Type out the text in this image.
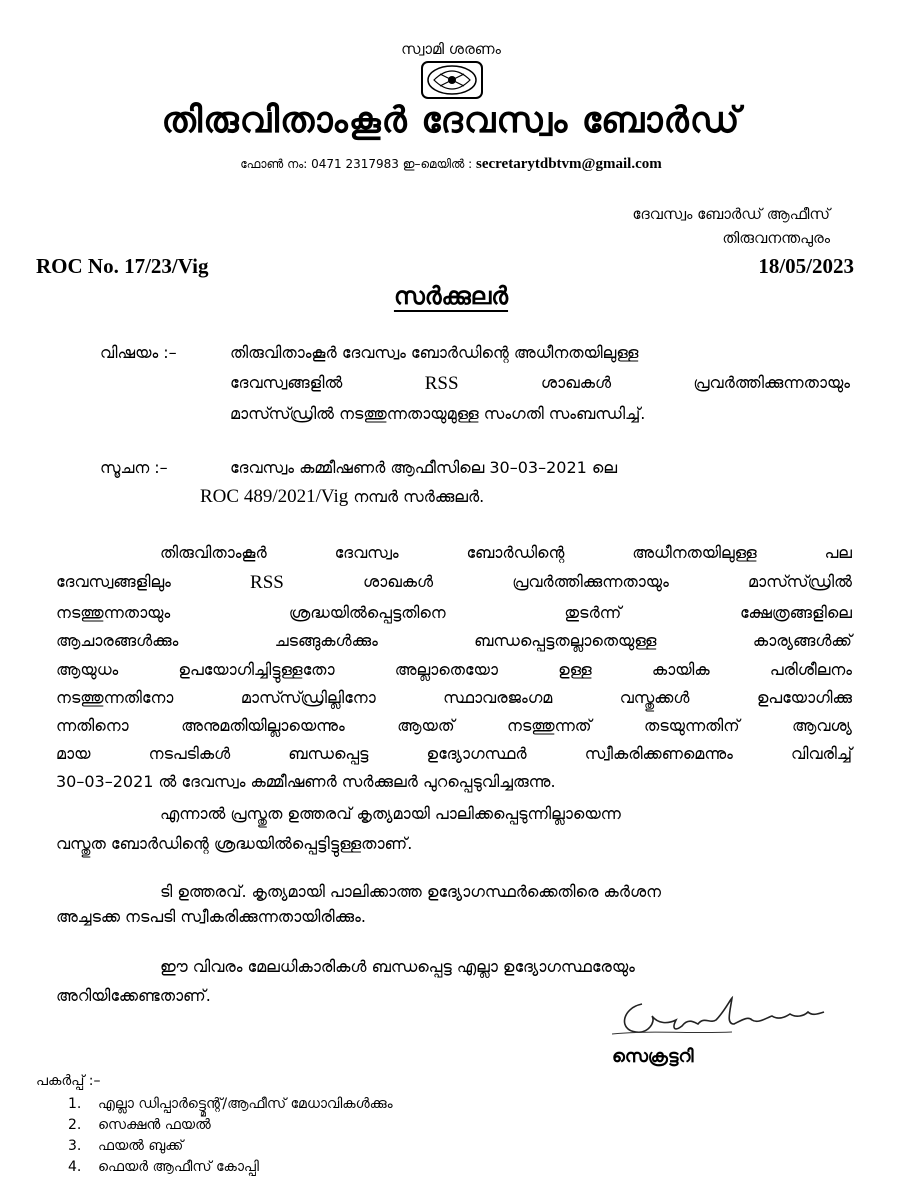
സ്വാമി ശരണം
തിരുവിതാംകൂർ ദേവസ്വം ബോർഡ്
ഫോൺ നം: 0471 2317983 ഇ–മെയിൽ : secretarytdbtvm@gmail.com
ദേവസ്വം ബോർഡ് ആഫീസ്
തിരുവനന്തപുരം
ROC No. 17/23/Vig	18/05/2023
സർക്കുലർ
വിഷയം :–	തിരുവിതാംകൂർ ദേവസ്വം ബോർഡിന്റെ അധീനതയിലുള്ള
ദേവസ്വങ്ങളിൽ	RSS	ശാഖകൾ	പ്രവർത്തിക്കുന്നതായും
മാസ്സ്ഡ്രിൽ നടത്തുന്നതായുമുള്ള സംഗതി സംബന്ധിച്ച്.
സൂചന :–	ദേവസ്വം കമ്മീഷണർ ആഫീസിലെ 30–03–2021 ലെ
ROC 489/2021/Vig നമ്പർ സർക്കുലർ.
തിരുവിതാംകൂർ	ദേവസ്വം	ബോർഡിന്റെ	അധീനതയിലുള്ള	പല
ദേവസ്വങ്ങളിലും	RSS	ശാഖകൾ	പ്രവർത്തിക്കുന്നതായും	മാസ്സ്ഡ്രിൽ
നടത്തുന്നതായും	ശ്രദ്ധയിൽപ്പെട്ടതിനെ	തുടർന്ന്	ക്ഷേത്രങ്ങളിലെ
ആചാരങ്ങൾക്കും	ചടങ്ങുകൾക്കും	ബന്ധപ്പെട്ടതല്ലാതെയുള്ള	കാര്യങ്ങൾക്ക്
ആയുധം	ഉപയോഗിച്ചിട്ടുള്ളതോ	അല്ലാതെയോ	ഉള്ള	കായിക	പരിശീലനം
നടത്തുന്നതിനോ	മാസ്സ്ഡ്രില്ലിനോ	സ്ഥാവരജംഗമ	വസ്തുക്കൾ	ഉപയോഗിക്കു
ന്നതിനൊ	അനുമതിയില്ലായെന്നും	ആയത്	നടത്തുന്നത്	തടയുന്നതിന്	ആവശ്യ
മായ	നടപടികൾ	ബന്ധപ്പെട്ട	ഉദ്യോഗസ്ഥർ	സ്വീകരിക്കണമെന്നും	വിവരിച്ച്
30–03–2021 ൽ ദേവസ്വം കമ്മീഷണർ സർക്കുലർ പുറപ്പെടുവിച്ചരുന്നു.
എന്നാൽ പ്രസ്തുത ഉത്തരവ് കൃത്യമായി പാലിക്കപ്പെടുന്നില്ലായെന്ന
വസ്തുത ബോർഡിന്റെ ശ്രദ്ധയിൽപ്പെട്ടിട്ടുള്ളതാണ്.
ടി ഉത്തരവ്. കൃത്യമായി പാലിക്കാത്ത ഉദ്യോഗസ്ഥർക്കെതിരെ കർശന
അച്ചടക്ക നടപടി സ്വീകരിക്കുന്നതായിരിക്കും.
ഈ വിവരം മേലധികാരികൾ ബന്ധപ്പെട്ട എല്ലാ ഉദ്യോഗസ്ഥരേയും
അറിയിക്കേണ്ടതാണ്.
സെക്രട്ടറി
പകർപ്പ് :–
1. എല്ലാ ഡിപ്പാർട്ട്മെന്റ്/ആഫീസ് മേധാവികൾക്കും
2. സെക്ഷൻ ഫയൽ
3. ഫയൽ ബുക്ക്
4. ഫെയർ ആഫീസ് കോപ്പി
